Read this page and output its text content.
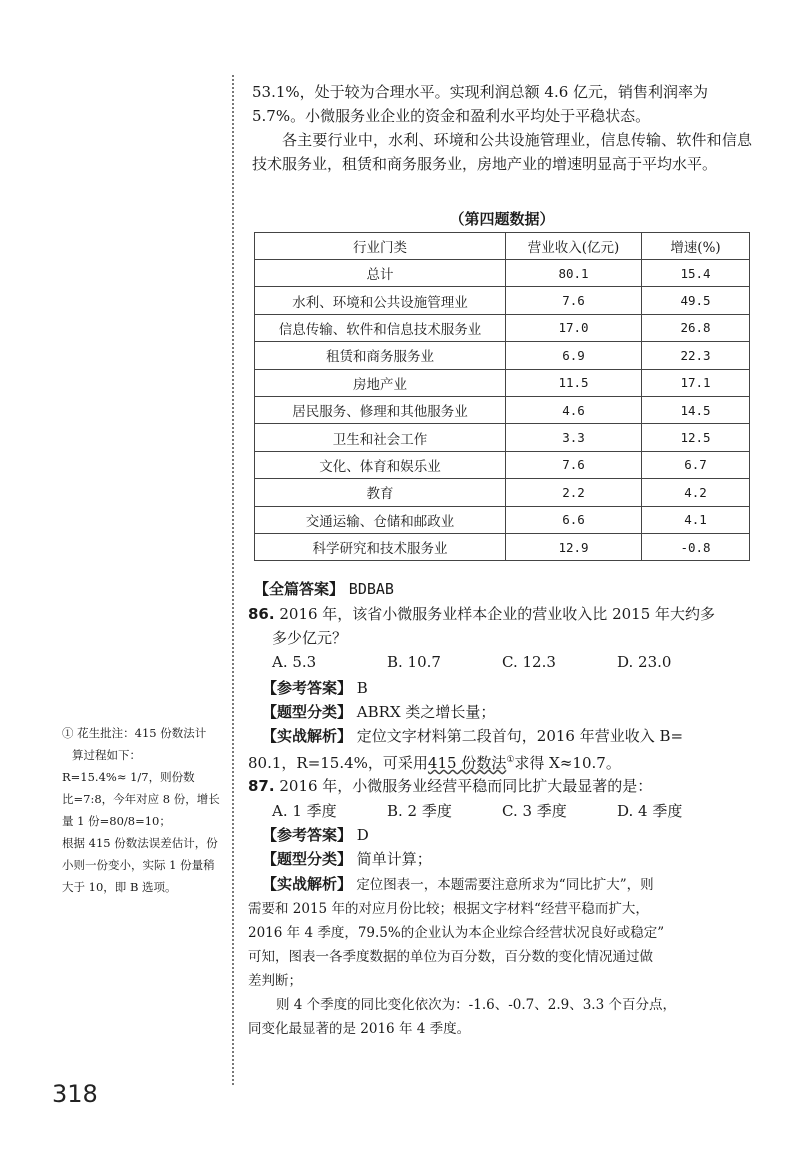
53.1%，处于较为合理水平。实现利润总额 4.6 亿元，销售利润率为

5.7%。小微服务业企业的资金和盈利水平均处于平稳状态。

各主要行业中，水利、环境和公共设施管理业，信息传输、软件和信息技术服务业，租赁和商务服务业，房地产业的增速明显高于平均水平。

（第四题数据）
行业门类	营业收入(亿元)	增速(%)
总计	80.1	15.4
水利、环境和公共设施管理业	7.6	49.5
信息传输、软件和信息技术服务业	17.0	26.8
租赁和商务服务业	6.9	22.3
房地产业	11.5	17.1
居民服务、修理和其他服务业	4.6	14.5
卫生和社会工作	3.3	12.5
文化、体育和娱乐业	7.6	6.7
教育	2.2	4.2
交通运输、仓储和邮政业	6.6	4.1
科学研究和技术服务业	12.9	-0.8
【全篇答案】 BDBAB
86. 2016 年，该省小微服务业样本企业的营业收入比 2015 年大约多
多少亿元？
A. 5.3	B. 10.7	C. 12.3	D. 23.0
【参考答案】 B
【题型分类】 ABRX 类之增长量；
【实战解析】 定位文字材料第二段首句，2016 年营业收入 B=
80.1，R=15.4%，可采用415 份数法①求得 X≈10.7。
87. 2016 年，小微服务业经营平稳而同比扩大最显著的是：
A. 1 季度	B. 2 季度	C. 3 季度	D. 4 季度
【参考答案】 D
【题型分类】 简单计算；
【实战解析】 定位图表一，本题需要注意所求为“同比扩大”，则
需要和 2015 年的对应月份比较；根据文字材料“经营平稳而扩大，
2016 年 4 季度，79.5%的企业认为本企业综合经营状况良好或稳定”
可知，图表一各季度数据的单位为百分数，百分数的变化情况通过做
差判断；
则 4 个季度的同比变化依次为：-1.6、-0.7、2.9、3.3 个百分点，
同变化最显著的是 2016 年 4 季度。

① 花生批注：415 份数法计

算过程如下：

R=15.4%≈ 1/7，则份数

比=7:8，今年对应 8 份，增长

量 1 份=80/8=10；

根据 415 份数法误差估计，份

小则一份变小，实际 1 份量稍

大于 10，即 B 选项。

318
